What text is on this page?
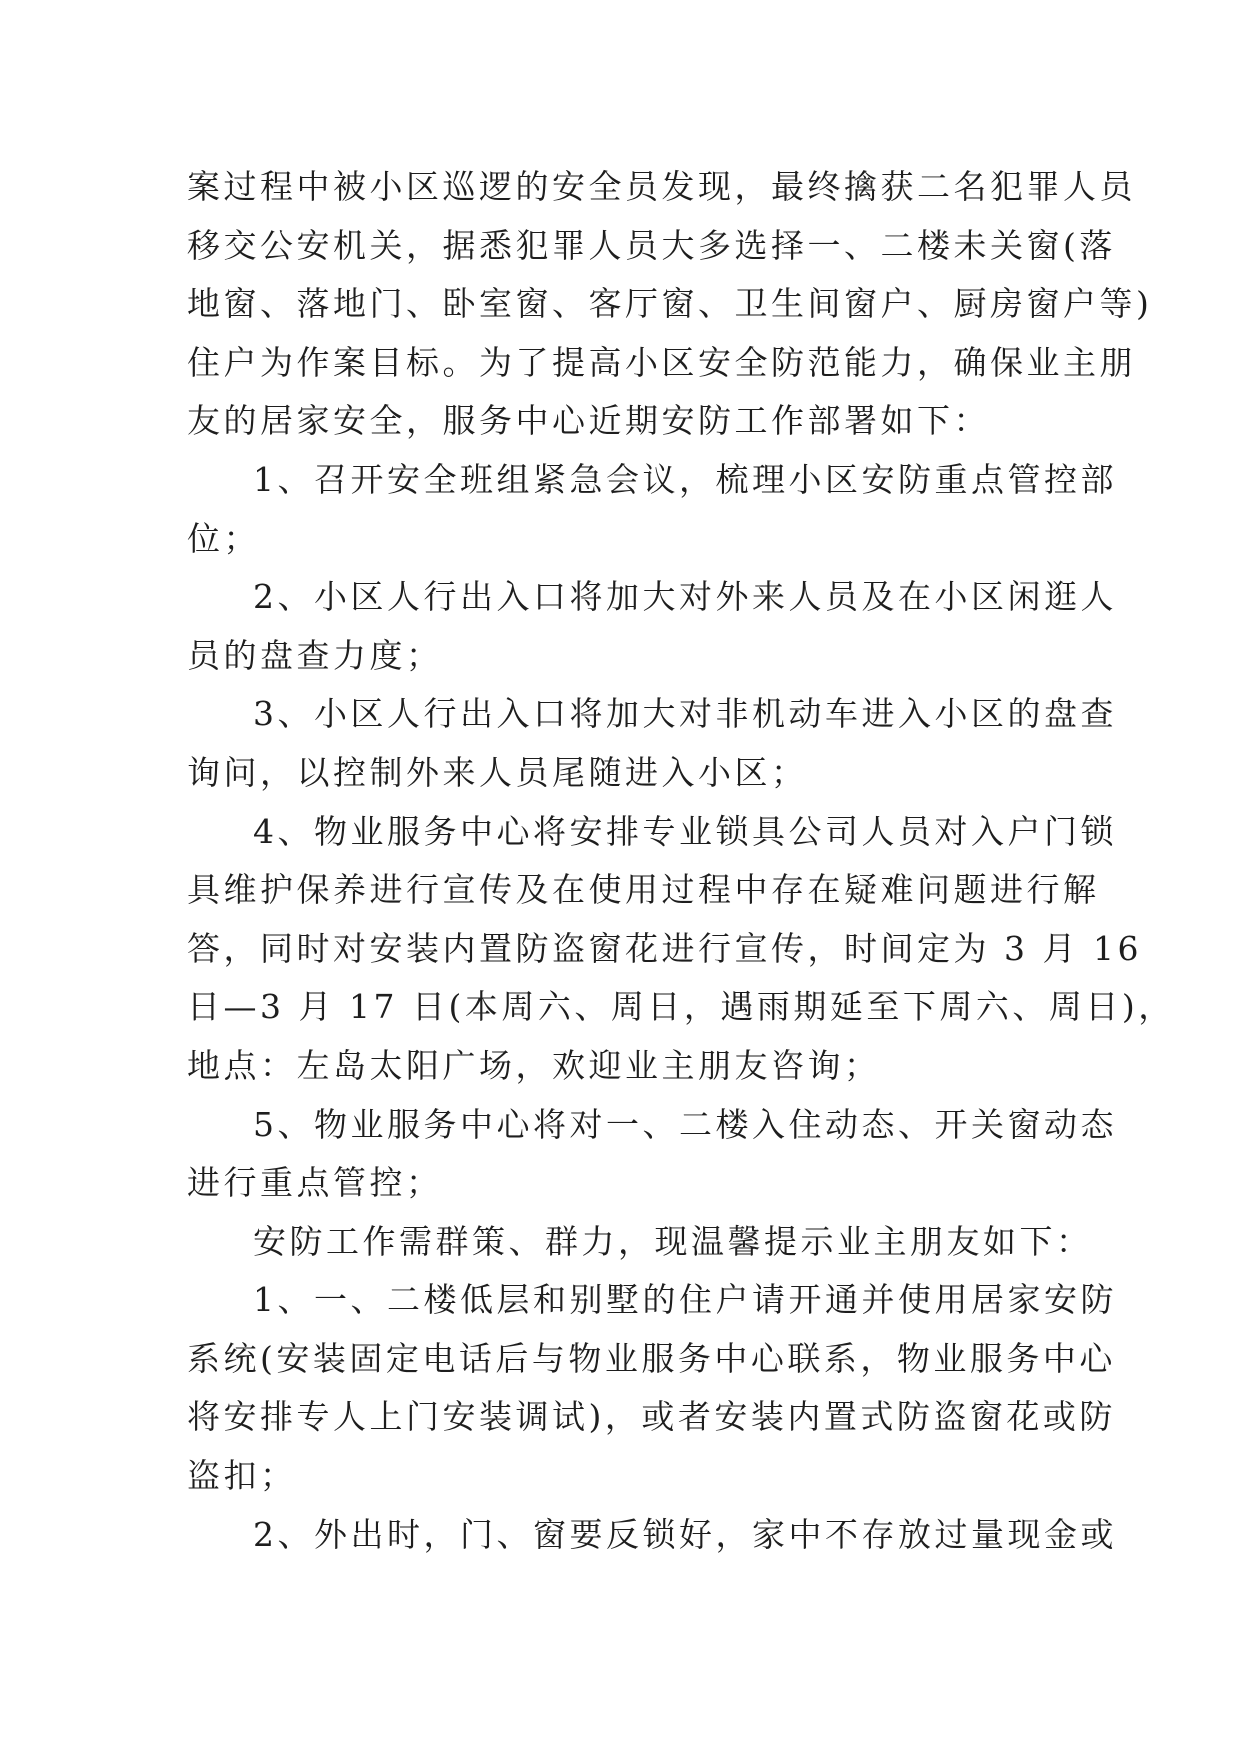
案过程中被小区巡逻的安全员发现，最终擒获二名犯罪人员
移交公安机关，据悉犯罪人员大多选择一、二楼未关窗(落
地窗、落地门、卧室窗、客厅窗、卫生间窗户、厨房窗户等)
住户为作案目标。为了提高小区安全防范能力，确保业主朋
友的居家安全，服务中心近期安防工作部署如下：
1、召开安全班组紧急会议，梳理小区安防重点管控部
位；
2、小区人行出入口将加大对外来人员及在小区闲逛人
员的盘查力度；
3、小区人行出入口将加大对非机动车进入小区的盘查
询问，以控制外来人员尾随进入小区；
4、物业服务中心将安排专业锁具公司人员对入户门锁
具维护保养进行宣传及在使用过程中存在疑难问题进行解
答，同时对安装内置防盗窗花进行宣传，时间定为 3 月 16
日—3 月 17 日(本周六、周日，遇雨期延至下周六、周日)，
地点：左岛太阳广场，欢迎业主朋友咨询；
5、物业服务中心将对一、二楼入住动态、开关窗动态
进行重点管控；
安防工作需群策、群力，现温馨提示业主朋友如下：
1、一、二楼低层和别墅的住户请开通并使用居家安防
系统(安装固定电话后与物业服务中心联系，物业服务中心
将安排专人上门安装调试)，或者安装内置式防盗窗花或防
盗扣；
2、外出时，门、窗要反锁好，家中不存放过量现金或
